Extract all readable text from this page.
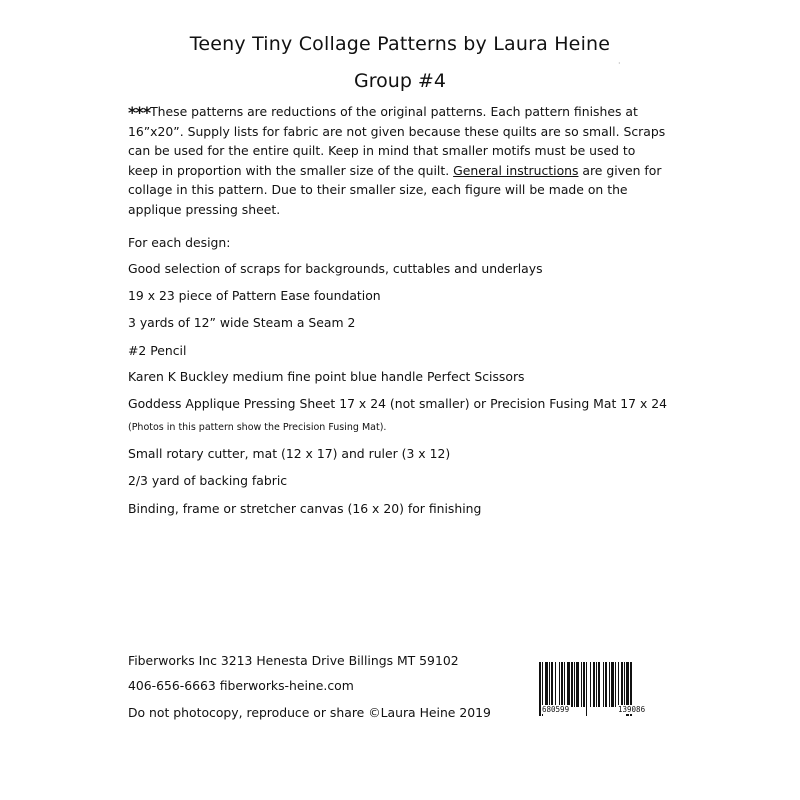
Teeny Tiny Collage Patterns by Laura Heine
Group #4
·

***These patterns are reductions of the original patterns. Each pattern finishes at 16”x20”. Supply lists for fabric are not given because these quilts are so small. Scraps can be used for the entire quilt. Keep in mind that smaller motifs must be used to keep in proportion with the smaller size of the quilt. General instructions are given for collage in this pattern. Due to their smaller size, each figure will be made on the applique pressing sheet.

For each design:
Good selection of scraps for backgrounds, cuttables and underlays
19 x 23 piece of Pattern Ease foundation
3 yards of 12” wide Steam a Seam 2
#2 Pencil
Karen K Buckley medium fine point blue handle Perfect Scissors
Goddess Applique Pressing Sheet 17 x 24 (not smaller) or Precision Fusing Mat 17 x 24
(Photos in this pattern show the Precision Fusing Mat).
Small rotary cutter, mat (12 x 17) and ruler (3 x 12)
2/3 yard of backing fabric
Binding, frame or stretcher canvas (16 x 20) for finishing
Fiberworks Inc 3213 Henesta Drive Billings MT 59102
406-656-6663 fiberworks-heine.com
Do not photocopy, reproduce or share ©Laura Heine 2019	680599	139086
